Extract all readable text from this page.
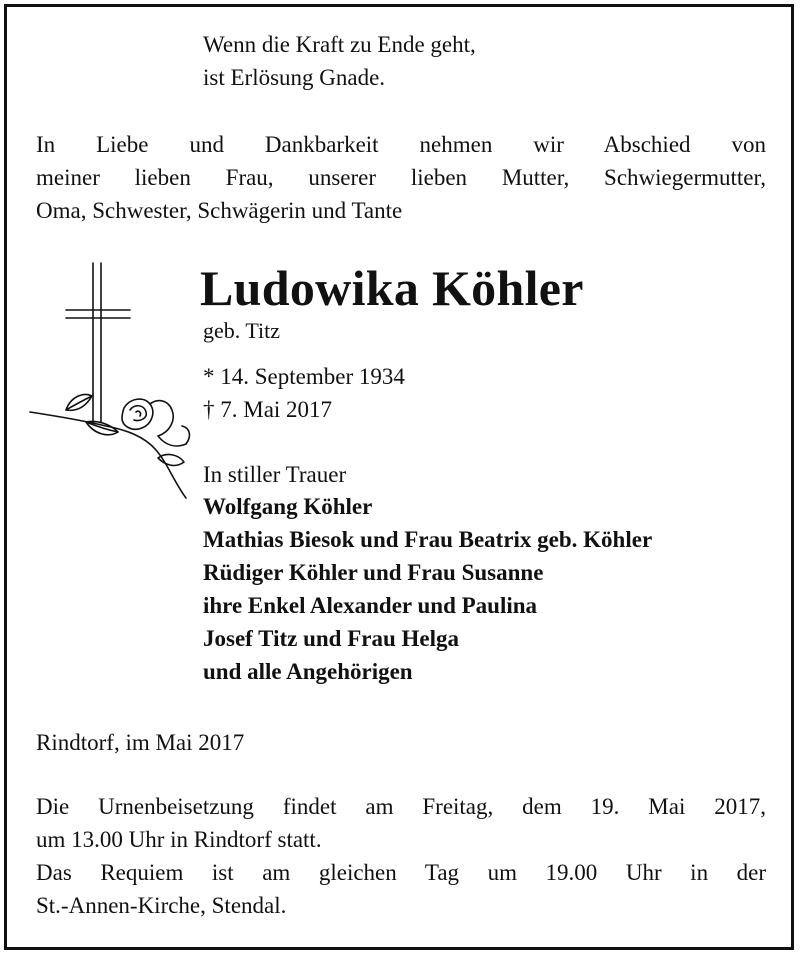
Wenn die Kraft zu Ende geht,
ist Erlösung Gnade.
In Liebe und Dankbarkeit nehmen wir Abschied von
meiner lieben Frau, unserer lieben Mutter, Schwiegermutter,
Oma, Schwester, Schwägerin und Tante
Ludowika Köhler
geb. Titz
* 14. September 1934
† 7. Mai 2017
In stiller Trauer
Wolfgang Köhler
Mathias Biesok und Frau Beatrix geb. Köhler
Rüdiger Köhler und Frau Susanne
ihre Enkel Alexander und Paulina
Josef Titz und Frau Helga
und alle Angehörigen
Rindtorf, im Mai 2017
Die Urnenbeisetzung findet am Freitag, dem 19. Mai 2017,
um 13.00 Uhr in Rindtorf statt.
Das Requiem ist am gleichen Tag um 19.00 Uhr in der
St.-Annen-Kirche, Stendal.
